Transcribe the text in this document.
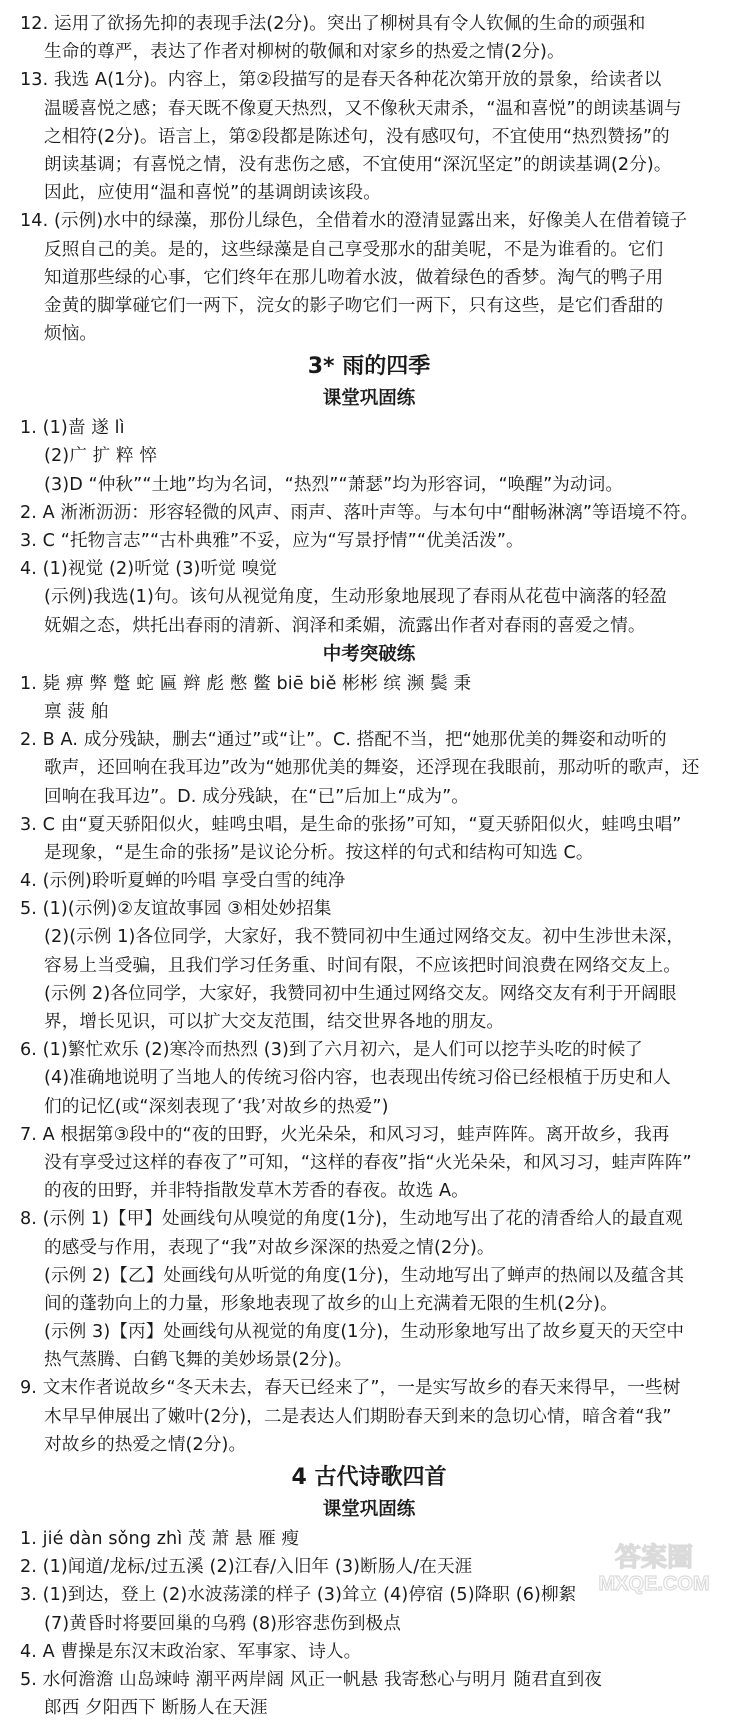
12. 运用了欲扬先抑的表现手法(2分)。突出了柳树具有令人钦佩的生命的顽强和
生命的尊严，表达了作者对柳树的敬佩和对家乡的热爱之情(2分)。
13. 我选 A(1分)。内容上，第②段描写的是春天各种花次第开放的景象，给读者以
温暖喜悦之感；春天既不像夏天热烈，又不像秋天肃杀，“温和喜悦”的朗读基调与
之相符(2分)。语言上，第②段都是陈述句，没有感叹句，不宜使用“热烈赞扬”的
朗读基调；有喜悦之情，没有悲伤之感，不宜使用“深沉坚定”的朗读基调(2分)。
因此，应使用“温和喜悦”的基调朗读该段。
14. (示例)水中的绿藻，那份儿绿色，全借着水的澄清显露出来，好像美人在借着镜子
反照自己的美。是的，这些绿藻是自己享受那水的甜美呢，不是为谁看的。它们
知道那些绿的心事，它们终年在那儿吻着水波，做着绿色的香梦。淘气的鸭子用
金黄的脚掌碰它们一两下，浣女的影子吻它们一两下，只有这些，是它们香甜的
烦恼。
3* 雨的四季
课堂巩固练
1. (1)啬 遂 lì
(2)广 扩 粹 悴
(3)D “仲秋”“土地”均为名词，“热烈”“萧瑟”均为形容词，“唤醒”为动词。
2. A 淅淅沥沥：形容轻微的风声、雨声、落叶声等。与本句中“酣畅淋漓”等语境不符。
3. C “托物言志”“古朴典雅”不妥，应为“写景抒情”“优美活泼”。
4. (1)视觉 (2)听觉 (3)听觉 嗅觉
(示例)我选(1)句。该句从视觉角度，生动形象地展现了春雨从花苞中滴落的轻盈
妩媚之态，烘托出春雨的清新、润泽和柔媚，流露出作者对春雨的喜爱之情。
中考突破练
1. 毙 痹 弊 蹩 蛇 匾 辫 彪 憋 鳖 biē biě 彬彬 缤 濒 鬓 秉
禀 菠 舶
2. B A. 成分残缺，删去“通过”或“让”。C. 搭配不当，把“她那优美的舞姿和动听的
歌声，还回响在我耳边”改为“她那优美的舞姿，还浮现在我眼前，那动听的歌声，还
回响在我耳边”。D. 成分残缺，在“已”后加上“成为”。
3. C 由“夏天骄阳似火，蛙鸣虫唱，是生命的张扬”可知，“夏天骄阳似火，蛙鸣虫唱”
是现象，“是生命的张扬”是议论分析。按这样的句式和结构可知选 C。
4. (示例)聆听夏蝉的吟唱 享受白雪的纯净
5. (1)(示例)②友谊故事园 ③相处妙招集
(2)(示例 1)各位同学，大家好，我不赞同初中生通过网络交友。初中生涉世未深，
容易上当受骗，且我们学习任务重、时间有限，不应该把时间浪费在网络交友上。
(示例 2)各位同学，大家好，我赞同初中生通过网络交友。网络交友有利于开阔眼
界，增长见识，可以扩大交友范围，结交世界各地的朋友。
6. (1)繁忙欢乐 (2)寒冷而热烈 (3)到了六月初六，是人们可以挖芋头吃的时候了
(4)准确地说明了当地人的传统习俗内容，也表现出传统习俗已经根植于历史和人
们的记忆(或“深刻表现了‘我’对故乡的热爱”)
7. A 根据第③段中的“夜的田野，火光朵朵，和风习习，蛙声阵阵。离开故乡，我再
没有享受过这样的春夜了”可知，“这样的春夜”指“火光朵朵，和风习习，蛙声阵阵”
的夜的田野，并非特指散发草木芳香的春夜。故选 A。
8. (示例 1)【甲】处画线句从嗅觉的角度(1分)，生动地写出了花的清香给人的最直观
的感受与作用，表现了“我”对故乡深深的热爱之情(2分)。
(示例 2)【乙】处画线句从听觉的角度(1分)，生动地写出了蝉声的热闹以及蕴含其
间的蓬勃向上的力量，形象地表现了故乡的山上充满着无限的生机(2分)。
(示例 3)【丙】处画线句从视觉的角度(1分)，生动形象地写出了故乡夏天的天空中
热气蒸腾、白鹤飞舞的美妙场景(2分)。
9. 文末作者说故乡“冬天未去，春天已经来了”，一是实写故乡的春天来得早，一些树
木早早伸展出了嫩叶(2分)，二是表达人们期盼春天到来的急切心情，暗含着“我”
对故乡的热爱之情(2分)。
4 古代诗歌四首
课堂巩固练
1. jié dàn sǒng zhì 茂 萧 悬 雁 瘦
2. (1)闻道/龙标/过五溪 (2)江春/入旧年 (3)断肠人/在天涯
3. (1)到达，登上 (2)水波荡漾的样子 (3)耸立 (4)停宿 (5)降职 (6)柳絮
(7)黄昏时将要回巢的乌鸦 (8)形容悲伤到极点
4. A 曹操是东汉末政治家、军事家、诗人。
5. 水何澹澹 山岛竦峙 潮平两岸阔 风正一帆悬 我寄愁心与明月 随君直到夜
郎西 夕阳西下 断肠人在天涯
答案圈
MXQE.COM
